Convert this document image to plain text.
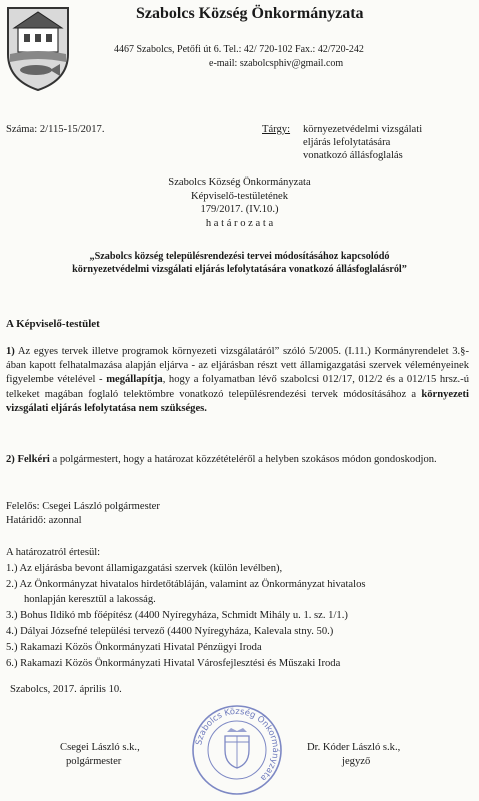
Szabolcs Község Önkormányzata
4467 Szabolcs, Petőfi út 6. Tel.: 42/ 720-102 Fax.: 42/720-242
e-mail: szabolcsphiv@gmail.com
Száma: 2/115-15/2017.	Tárgy: környezetvédelmi vizsgálati
eljárás lefolytatására
vonatkozó állásfoglalás
Szabolcs Község Önkormányzata
Képviselő-testületének
179/2017. (IV.10.)
h a t á r o z a t a
„Szabolcs község településrendezési tervei módosításához kapcsolódó
környezetvédelmi vizsgálati eljárás lefolytatására vonatkozó állásfoglalásról”
A Képviselő-testület
1) Az egyes tervek illetve programok környezeti vizsgálatáról” szóló 5/2005. (I.11.) Kormányrendelet 3.§-ában kapott felhatalmazása alapján eljárva - az eljárásban részt vett államigazgatási szervek véleményeinek figyelembe vételével - megállapítja, hogy a folyamatban lévő szabolcsi 012/17, 012/2 és a 012/15 hrsz.-ú telkeket magában foglaló telektömbre vonatkozó településrendezési tervek módosításához a környezeti vizsgálati eljárás lefolytatása nem szükséges.
2) Felkéri a polgármestert, hogy a határozat közzétételéről a helyben szokásos módon gondoskodjon.
Felelős: Csegei László polgármester
Határidő: azonnal
A határozatról értesül:
1.) Az eljárásba bevont államigazgatási szervek (külön levélben),
2.) Az Önkormányzat hivatalos hirdetőtábláján, valamint az Önkormányzat hivatalos
honlapján keresztül a lakosság.
3.) Bohus Ildikó mb főépítész (4400 Nyíregyháza, Schmidt Mihály u. 1. sz. 1/1.)
4.) Dályai Józsefné települési tervező (4400 Nyíregyháza, Kalevala stny. 50.)
5.) Rakamazi Közös Önkormányzati Hivatal Pénzügyi Iroda
6.) Rakamazi Közös Önkormányzati Hivatal Városfejlesztési és Műszaki Iroda
Szabolcs, 2017. április 10.
Csegei László s.k.,
polgármester
Dr. Kóder László s.k.,
jegyző
Szabolcs Község Önkormányzata
